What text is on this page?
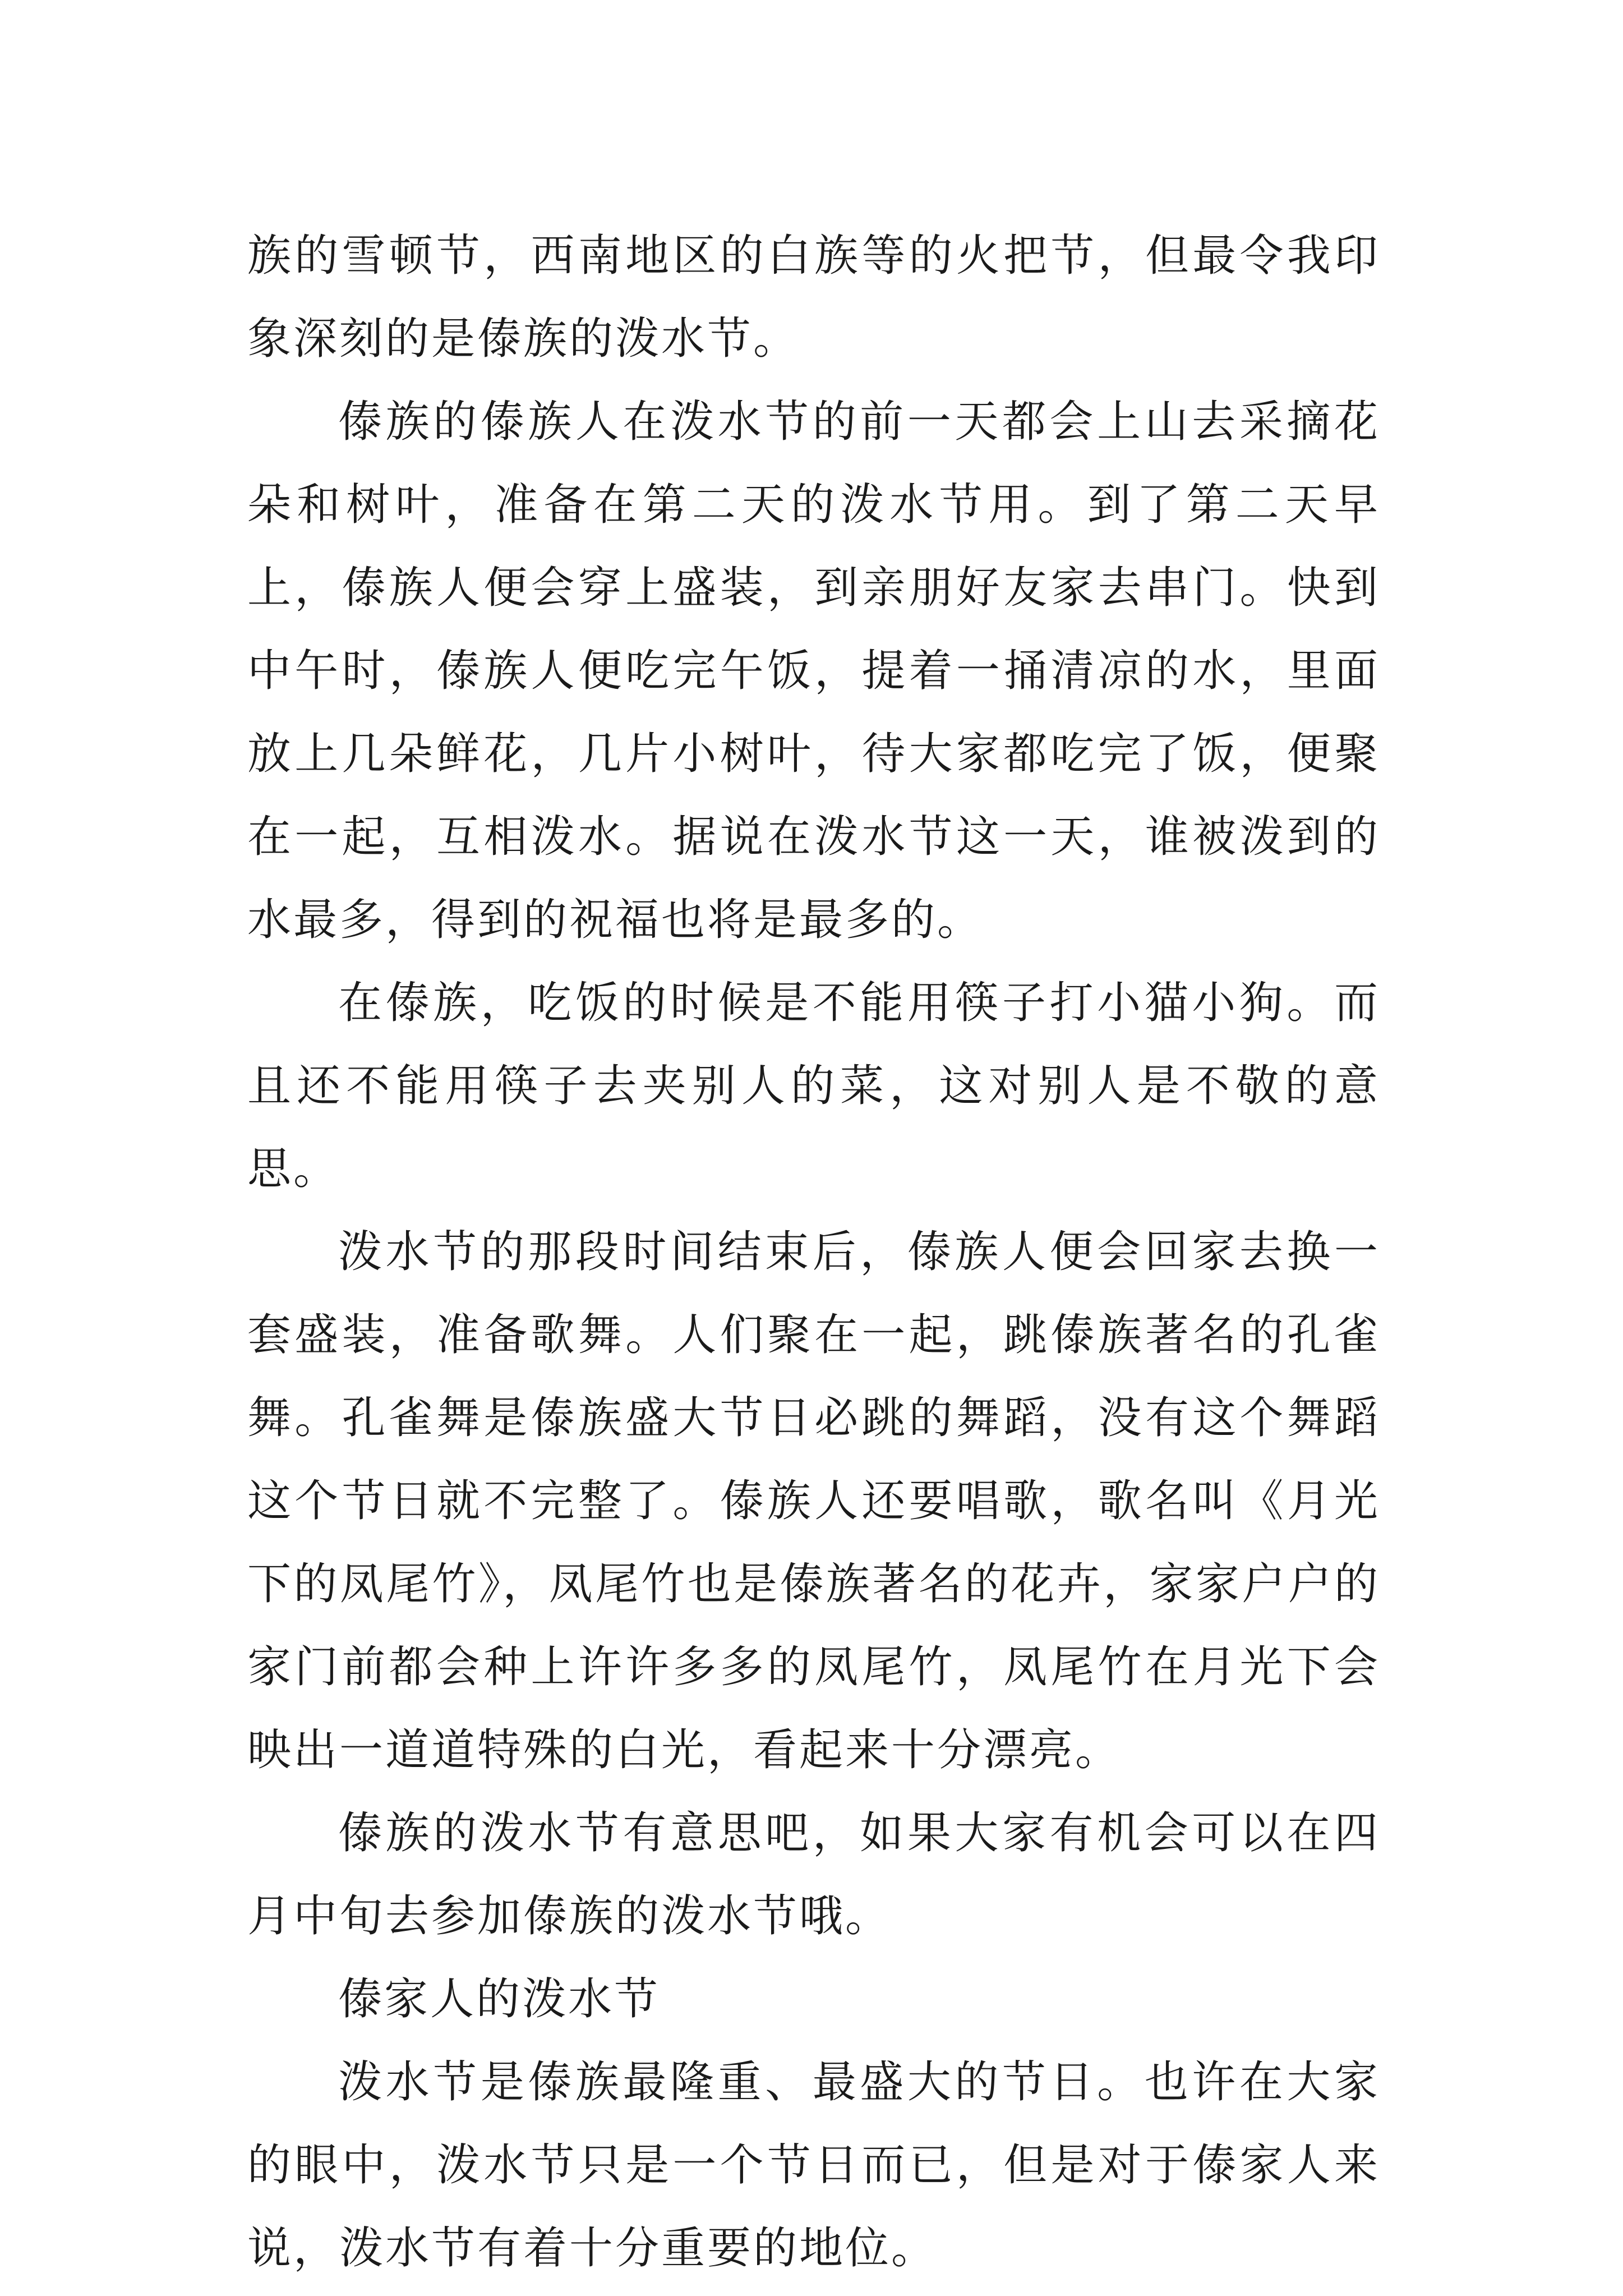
族的雪顿节，西南地区的白族等的火把节，但最令我印象深刻的是傣族的泼水节。

傣族的傣族人在泼水节的前一天都会上山去采摘花朵和树叶，准备在第二天的泼水节用。到了第二天早上，傣族人便会穿上盛装，到亲朋好友家去串门。快到中午时，傣族人便吃完午饭，提着一捅清凉的水，里面放上几朵鲜花，几片小树叶，待大家都吃完了饭，便聚在一起，互相泼水。据说在泼水节这一天，谁被泼到的水最多，得到的祝福也将是最多的。

在傣族，吃饭的时候是不能用筷子打小猫小狗。而且还不能用筷子去夹别人的菜，这对别人是不敬的意思。

泼水节的那段时间结束后，傣族人便会回家去换一套盛装，准备歌舞。人们聚在一起，跳傣族著名的孔雀舞。孔雀舞是傣族盛大节日必跳的舞蹈，没有这个舞蹈这个节日就不完整了。傣族人还要唱歌，歌名叫《月光下的凤尾竹》，凤尾竹也是傣族著名的花卉，家家户户的家门前都会种上许许多多的凤尾竹，凤尾竹在月光下会映出一道道特殊的白光，看起来十分漂亮。

傣族的泼水节有意思吧，如果大家有机会可以在四月中旬去参加傣族的泼水节哦。

傣家人的泼水节

泼水节是傣族最隆重、最盛大的节日。也许在大家的眼中，泼水节只是一个节日而已，但是对于傣家人来说，泼水节有着十分重要的地位。
